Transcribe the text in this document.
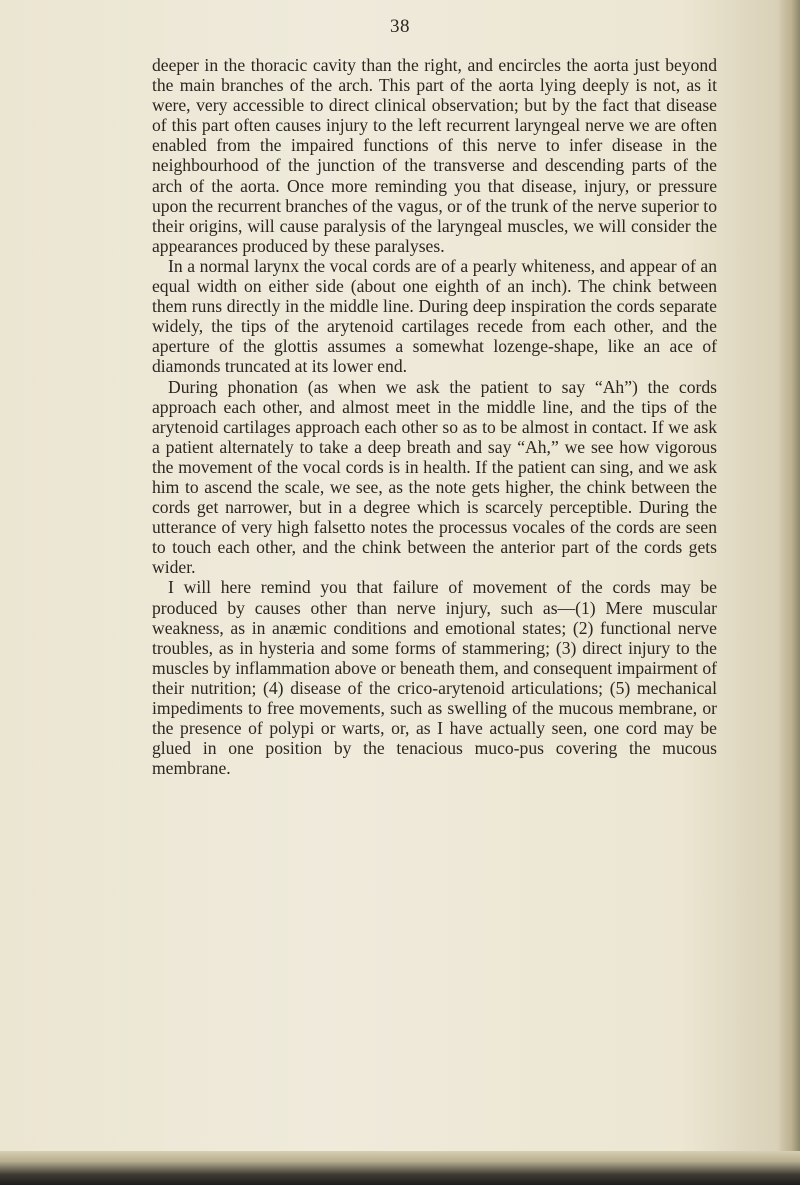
38

deeper in the thoracic cavity than the right, and encircles the aorta just beyond the main branches of the arch. This part of the aorta lying deeply is not, as it were, very accessible to direct clinical observation; but by the fact that disease of this part often causes injury to the left recurrent laryngeal nerve we are often enabled from the impaired functions of this nerve to infer disease in the neighbourhood of the junction of the transverse and descending parts of the arch of the aorta. Once more reminding you that disease, injury, or pressure upon the recurrent branches of the vagus, or of the trunk of the nerve superior to their origins, will cause paralysis of the laryngeal muscles, we will consider the appearances produced by these paralyses.

In a normal larynx the vocal cords are of a pearly whiteness, and appear of an equal width on either side (about one eighth of an inch). The chink between them runs directly in the middle line. During deep inspiration the cords separate widely, the tips of the arytenoid cartilages recede from each other, and the aperture of the glottis assumes a somewhat lozenge-shape, like an ace of diamonds truncated at its lower end.

During phonation (as when we ask the patient to say “Ah”) the cords approach each other, and almost meet in the middle line, and the tips of the arytenoid cartilages approach each other so as to be almost in contact. If we ask a patient alternately to take a deep breath and say “Ah,” we see how vigorous the movement of the vocal cords is in health. If the patient can sing, and we ask him to ascend the scale, we see, as the note gets higher, the chink between the cords get narrower, but in a degree which is scarcely perceptible. During the utterance of very high falsetto notes the processus vocales of the cords are seen to touch each other, and the chink between the anterior part of the cords gets wider.

I will here remind you that failure of movement of the cords may be produced by causes other than nerve injury, such as—(1) Mere muscular weakness, as in anæmic conditions and emotional states; (2) functional nerve troubles, as in hysteria and some forms of stammering; (3) direct injury to the muscles by inflammation above or beneath them, and consequent impairment of their nutrition; (4) disease of the crico-arytenoid articulations; (5) mechanical impediments to free movements, such as swelling of the mucous membrane, or the presence of polypi or warts, or, as I have actually seen, one cord may be glued in one position by the tenacious muco-pus covering the mucous membrane.
